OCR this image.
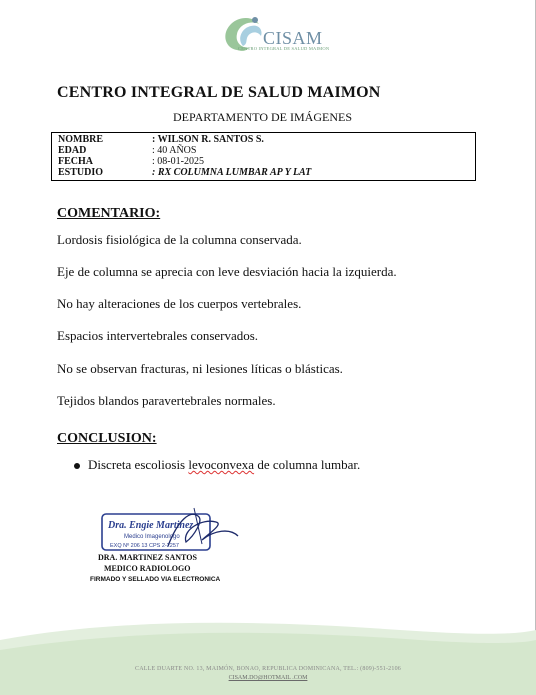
CISAM
CENTRO INTEGRAL DE SALUD MAIMON
CENTRO INTEGRAL DE SALUD MAIMON
DEPARTAMENTO DE IMÁGENES
NOMBRE	: WILSON R. SANTOS S.
EDAD	: 40 AÑOS
FECHA	: 08-01-2025
ESTUDIO	: RX COLUMNA LUMBAR AP Y LAT
COMENTARIO:
Lordosis fisiológica de la columna conservada.
Eje de columna se aprecia con leve desviación hacia la izquierda.
No hay alteraciones de los cuerpos vertebrales.
Espacios intervertebrales conservados.
No se observan fracturas, ni lesiones líticas o blásticas.
Tejidos blandos paravertebrales normales.
CONCLUSION:
Discreta escoliosis levoconvexa de columna lumbar.
Dra. Engie Martinez
Medico Imagenologo
EXQ Nº 206 13 CPS 2-2257
DRA. MARTINEZ SANTOS
MEDICO RADIOLOGO
FIRMADO Y SELLADO VIA ELECTRONICA
CALLE DUARTE NO. 13, MAIMÓN, BONAO, REPUBLICA DOMINICANA, TEL.: (809)-551-2106
CISAM.DO@HOTMAIL .COM
